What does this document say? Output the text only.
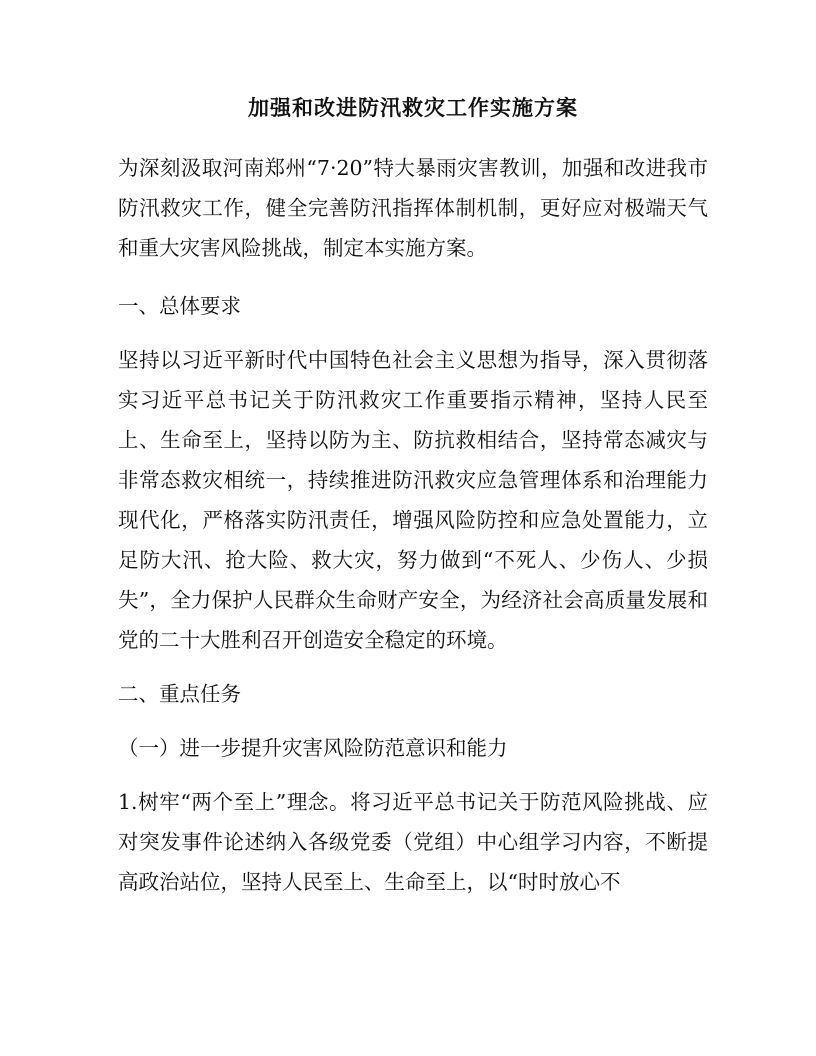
加强和改进防汛救灾工作实施方案

为深刻汲取河南郑州“7·20”特大暴雨灾害教训，加强和改进我市防汛救灾工作，健全完善防汛指挥体制机制，更好应对极端天气和重大灾害风险挑战，制定本实施方案。

一、总体要求

坚持以习近平新时代中国特色社会主义思想为指导，深入贯彻落实习近平总书记关于防汛救灾工作重要指示精神，坚持人民至上、生命至上，坚持以防为主、防抗救相结合，坚持常态减灾与非常态救灾相统一，持续推进防汛救灾应急管理体系和治理能力现代化，严格落实防汛责任，增强风险防控和应急处置能力，立足防大汛、抢大险、救大灾，努力做到“不死人、少伤人、少损失”，全力保护人民群众生命财产安全，为经济社会高质量发展和党的二十大胜利召开创造安全稳定的环境。

二、重点任务
（一）进一步提升灾害风险防范意识和能力

1.树牢“两个至上”理念。将习近平总书记关于防范风险挑战、应对突发事件论述纳入各级党委（党组）中心组学习内容，不断提高政治站位，坚持人民至上、生命至上，以“时时放心不
